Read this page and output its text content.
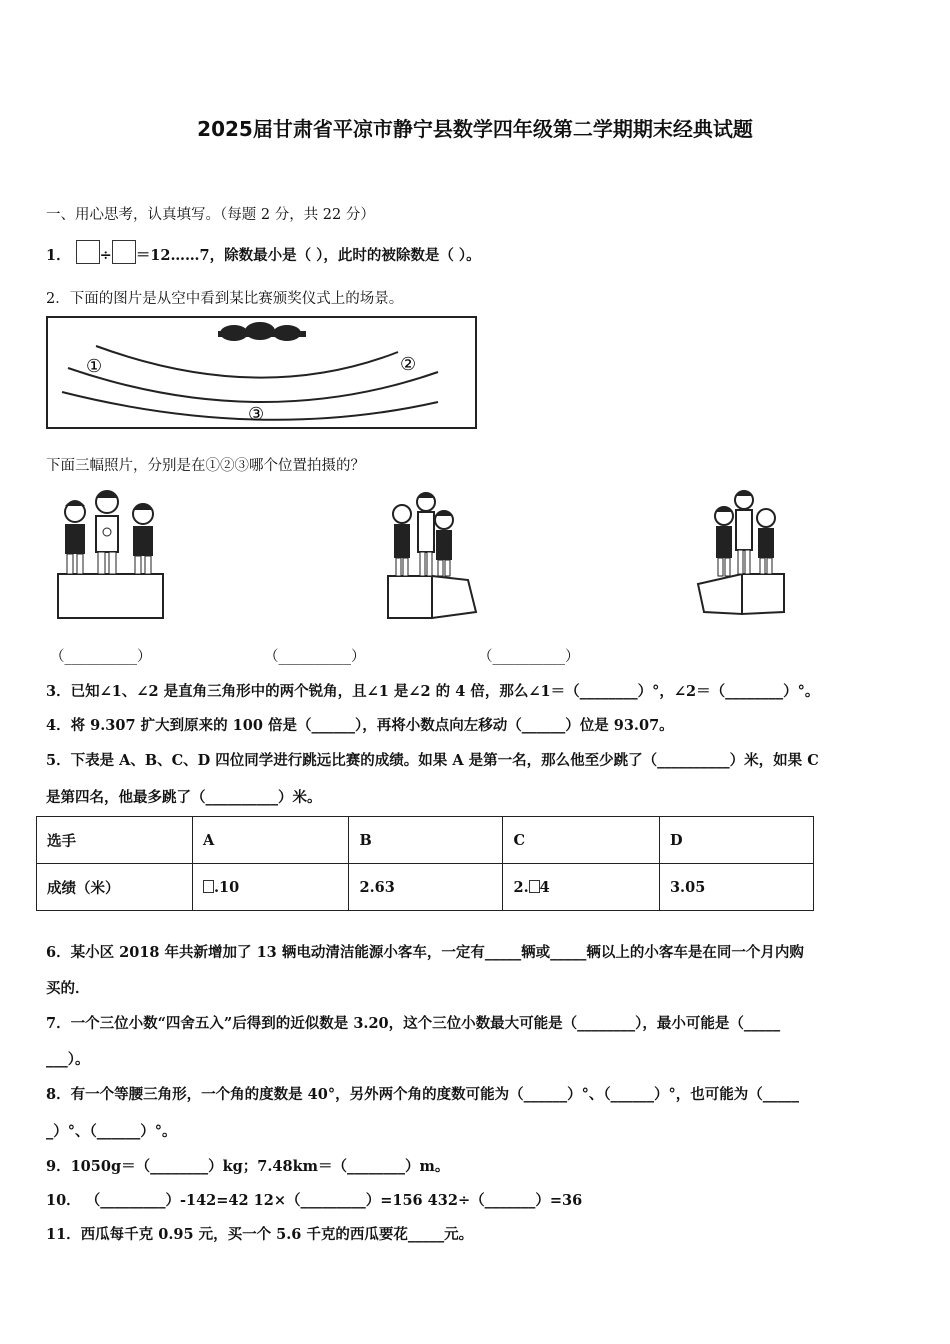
2025届甘肃省平凉市静宁县数学四年级第二学期期末经典试题
一、用心思考，认真填写。（每题 2 分，共 22 分）
1． ÷ ＝12……7，除数最小是（ ），此时的被除数是（ ）。
2．下面的图片是从空中看到某比赛颁奖仪式上的场景。
①	②
③
下面三幅照片，分别是在①②③哪个位置拍摄的？
（__________）	（__________）	（__________）
3．已知∠1、∠2 是直角三角形中的两个锐角，且∠1 是∠2 的 4 倍，那么∠1＝（________）°，∠2＝（________）°。
4．将 9.307 扩大到原来的 100 倍是（______），再将小数点向左移动（______）位是 93.07。
5．下表是 A、B、C、D 四位同学进行跳远比赛的成绩。如果 A 是第一名，那么他至少跳了（__________）米，如果 C
是第四名，他最多跳了（__________）米。
选手	A	B	C	D
成绩（米）	.10	2.63	2. 4	3.05
6．某小区 2018 年共新增加了 13 辆电动清洁能源小客车，一定有_____辆或_____辆以上的小客车是在同一个月内购
买的．
7．一个三位小数“四舍五入”后得到的近似数是 3.20，这个三位小数最大可能是（________），最小可能是（_____
___）。
8．有一个等腰三角形，一个角的度数是 40°，另外两个角的度数可能为（______）°、（______）°，也可能为（_____
_）°、（______）°。
9．1050g＝（________）kg；7.48km＝（________）m。
10． （_________）-142=42 12×（_________）=156 432÷（_______）=36
11．西瓜每千克 0.95 元，买一个 5.6 千克的西瓜要花_____元。
